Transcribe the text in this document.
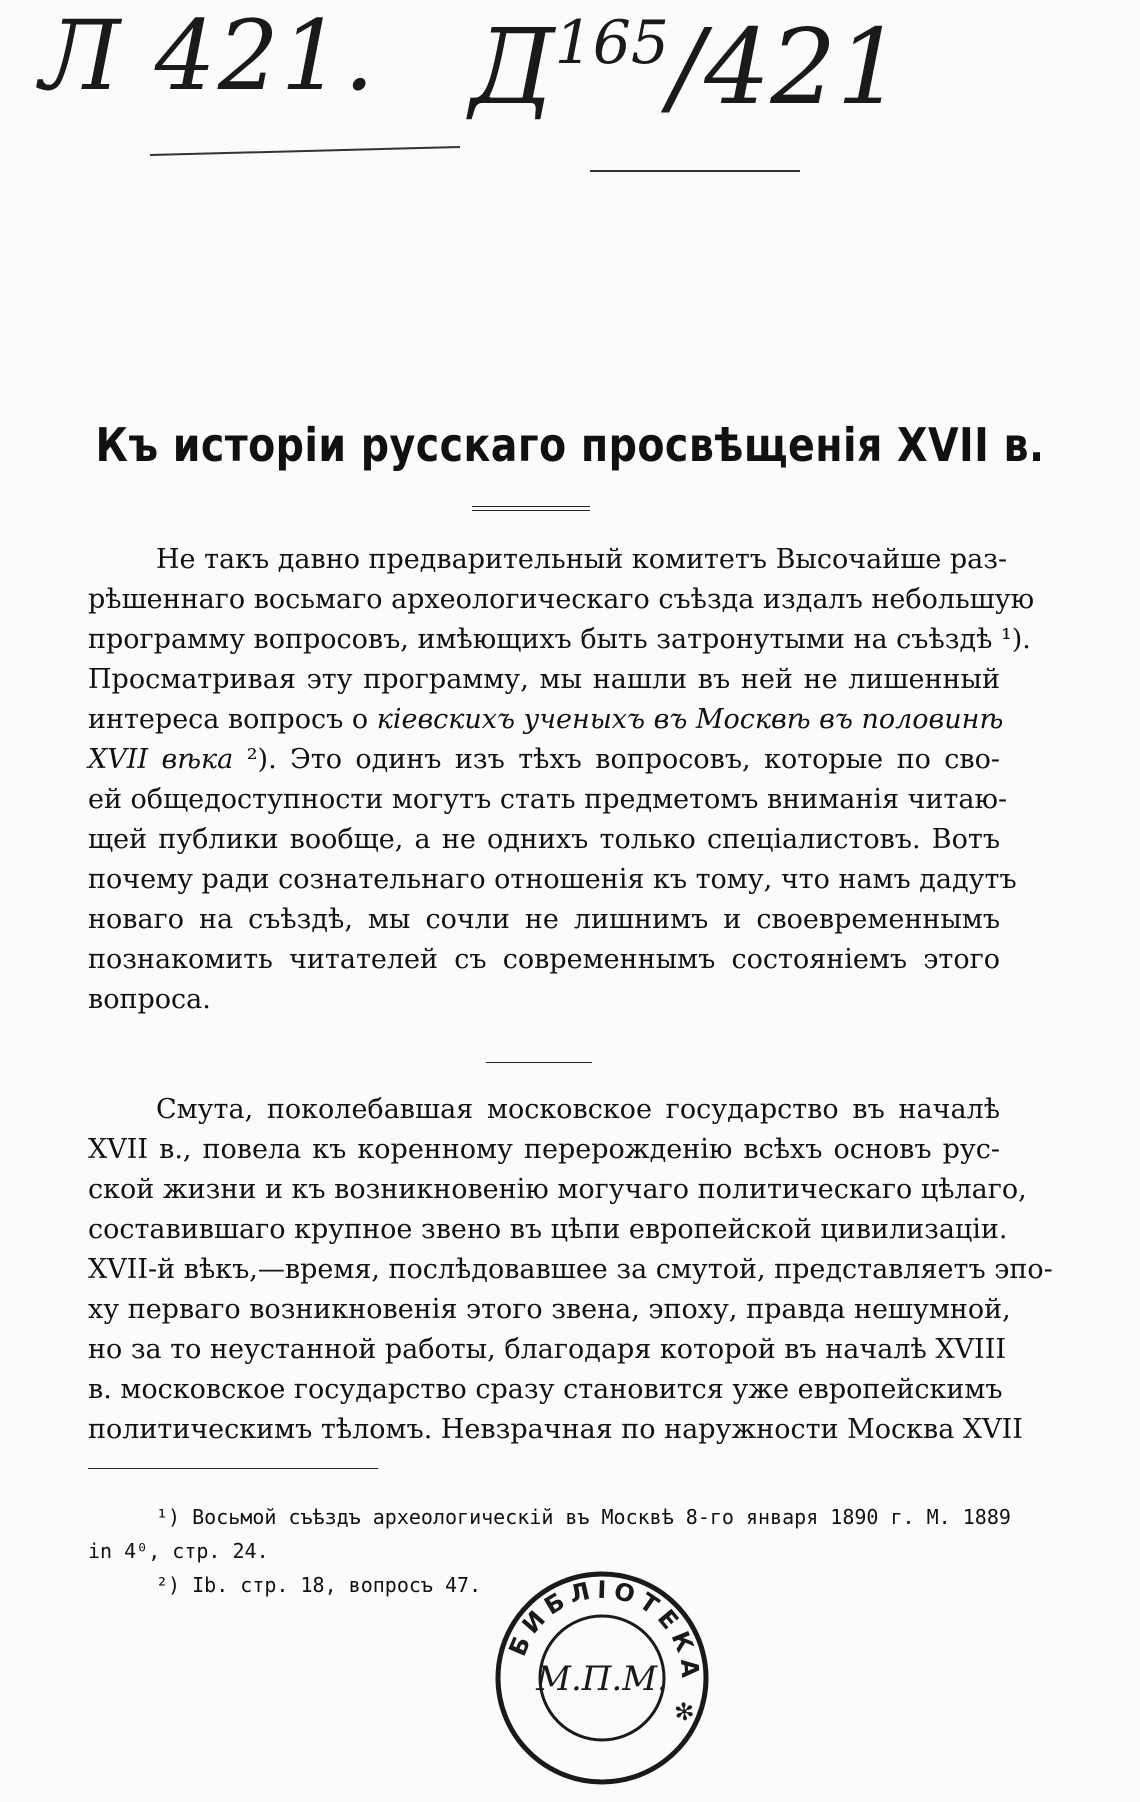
Л 421. $Д^{165}/421$
Къ исторіи русскаго просвѣщенія XVII в.
Не такъ давно предварительный комитетъ Высочайше раз-
рѣшеннаго восьмаго археологическаго съѣзда издалъ небольшую
программу вопросовъ, имѣющихъ быть затронутыми на съѣздѣ ¹).
Просматривая эту программу, мы нашли въ ней не лишенный
интереса вопросъ о кіевскихъ ученыхъ въ Москвѣ въ половинѣ
XVII вѣка ²). Это одинъ изъ тѣхъ вопросовъ, которые по сво-
ей общедоступности могутъ стать предметомъ вниманія читаю-
щей публики вообще, а не однихъ только спеціалистовъ. Вотъ
почему ради сознательнаго отношенія къ тому, что намъ дадутъ
новаго на съѣздѣ, мы сочли не лишнимъ и своевременнымъ
познакомить читателей съ современнымъ состояніемъ этого
вопроса.
Смута, поколебавшая московское государство въ началѣ
XVII в., повела къ коренному перерожденію всѣхъ основъ рус-
ской жизни и къ возникновенію могучаго политическаго цѣлаго,
составившаго крупное звено въ цѣпи европейской цивилизаціи.
XVII-й вѣкъ,—время, послѣдовавшее за смутой, представляетъ эпо-
ху перваго возникновенія этого звена, эпоху, правда нешумной,
но за то неустанной работы, благодаря которой въ началѣ XVIII
в. московское государство сразу становится уже европейскимъ
политическимъ тѣломъ. Невзрачная по наружности Москва XVII
¹) Восьмой съѣздъ археологическій въ Москвѣ 8-го января 1890 г. М. 1889
in 4⁰, стр. 24.
²) Ib. стр. 18, вопросъ 47.
БИБЛІОТЕКА ✻
М.П.М.
